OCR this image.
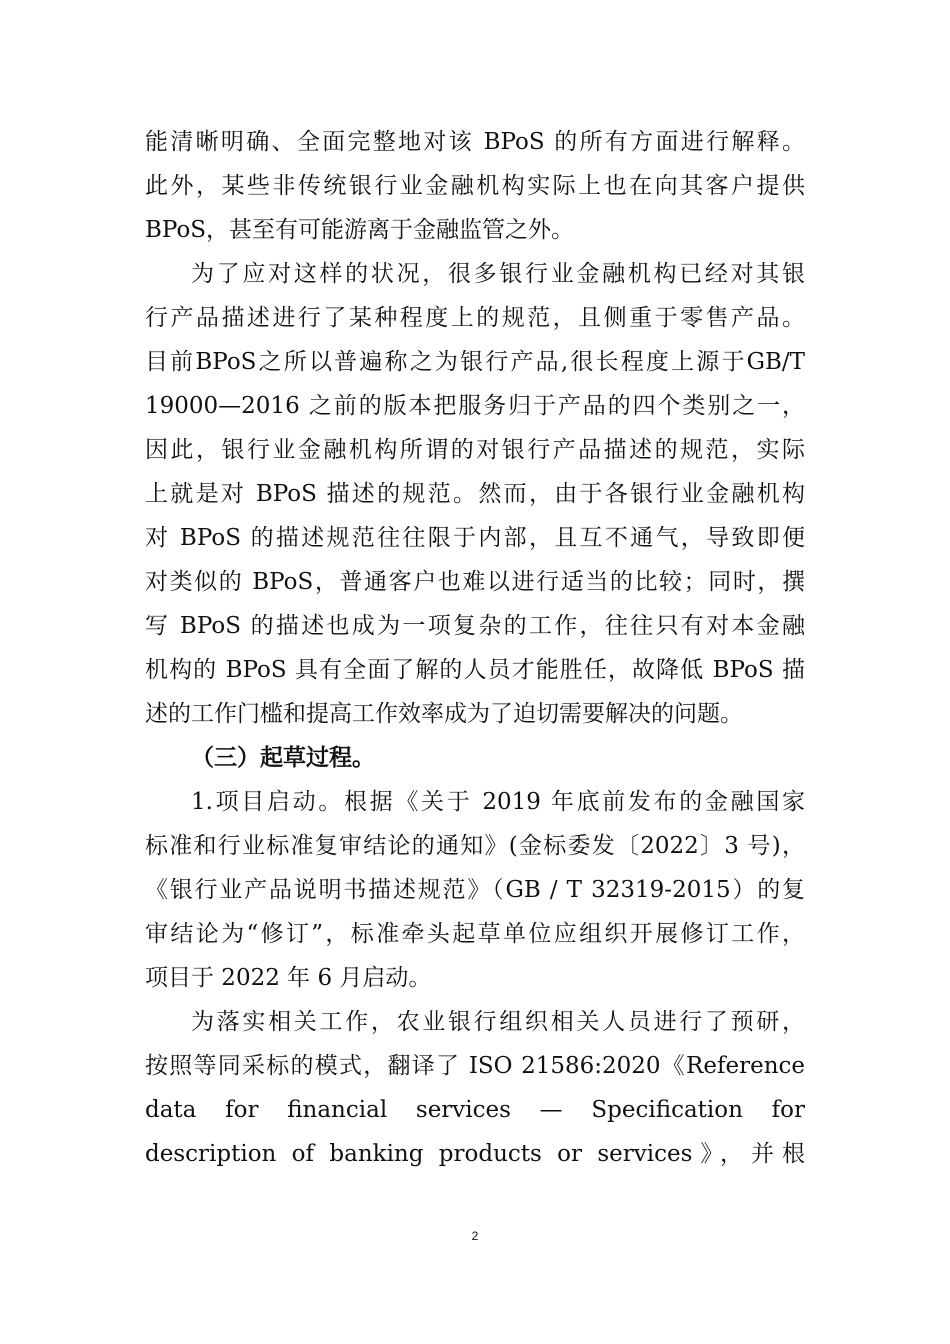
能清晰明确、全面完整地对该 BPoS 的所有方面进行解释。
此外，某些非传统银行业金融机构实际上也在向其客户提供
BPoS，甚至有可能游离于金融监管之外。
为了应对这样的状况，很多银行业金融机构已经对其银
行产品描述进行了某种程度上的规范，且侧重于零售产品。
目前BPoS之所以普遍称之为银行产品,很长程度上源于GB/T
19000—2016 之前的版本把服务归于产品的四个类别之一，
因此，银行业金融机构所谓的对银行产品描述的规范，实际
上就是对 BPoS 描述的规范。然而，由于各银行业金融机构
对 BPoS 的描述规范往往限于内部，且互不通气，导致即便
对类似的 BPoS，普通客户也难以进行适当的比较；同时，撰
写 BPoS 的描述也成为一项复杂的工作，往往只有对本金融
机构的 BPoS 具有全面了解的人员才能胜任，故降低 BPoS 描
述的工作门槛和提高工作效率成为了迫切需要解决的问题。
（三）起草过程。
1.项目启动。根据《关于 2019 年底前发布的金融国家
标准和行业标准复审结论的通知》(金标委发〔2022〕3 号)，
《银行业产品说明书描述规范》（GB / T 32319-2015）的复
审结论为“修订”，标准牵头起草单位应组织开展修订工作，
项目于 2022 年 6 月启动。
为落实相关工作，农业银行组织相关人员进行了预研，
按照等同采标的模式，翻译了 ISO 21586:2020《Reference
data for financial services — Specification for
description of banking products or services》，并根
2
